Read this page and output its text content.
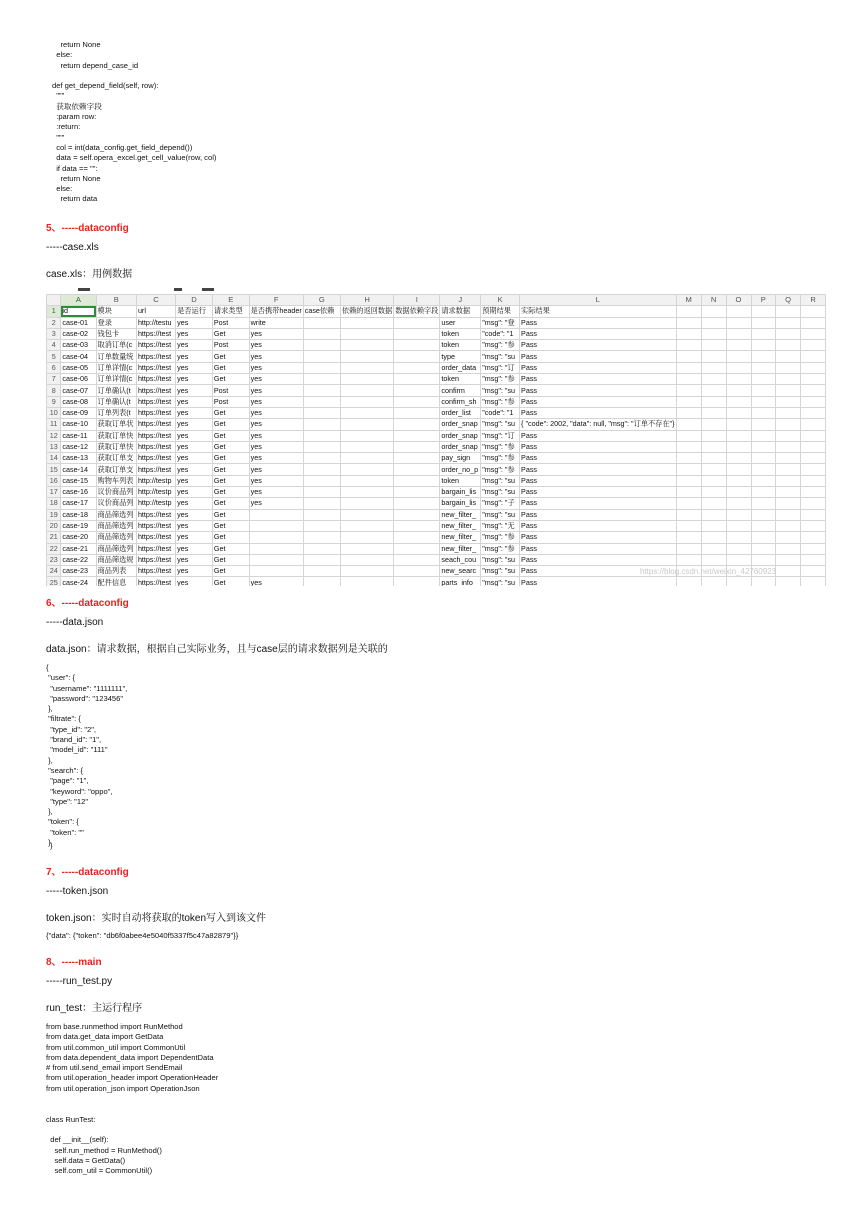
return None
else:
return depend_case_id

def get_depend_field(self, row):
"""
获取依赖字段
:param row:
:return:
"""
col = int(data_config.get_field_depend())
data = self.opera_excel.get_cell_value(row, col)
if data == "":
return None
else:
return data
5、-----dataconfig
-----case.xls
case.xls：用例数据
	A	B	C	D	E	F	G	H	I	J	K	L	M	N	O	P	Q	R
1	id	模块	url	是否运行	请求类型	是否携带header	case依赖	依赖的返回数据	数据依赖字段	请求数据	预期结果	实际结果						
2	case-01	登录	http://testu	yes	Post	write				user	"msg": "登	Pass						
3	case-02	钱包卡	https://test	yes	Get	yes				token	"code": "1	Pass						
4	case-03	取消订单(c	https://test	yes	Post	yes				token	"msg": "参	Pass						
5	case-04	订单数量统	https://test	yes	Get	yes				type	"msg": "su	Pass						
6	case-05	订单详情(c	https://test	yes	Get	yes				order_data	"msg": "订	Pass						
7	case-06	订单详情(c	https://test	yes	Get	yes				token	"msg": "参	Pass						
8	case-07	订单确认(t	https://test	yes	Post	yes				confirm	"msg": "su	Pass						
9	case-08	订单确认(t	https://test	yes	Post	yes				confirm_sh	"msg": "参	Pass						
10	case-09	订单列表(t	https://test	yes	Get	yes				order_list	"code": "1	Pass						
11	case-10	获取订单状	https://test	yes	Get	yes				order_snap	"msg": "su	{ "code": 2002, "data": null, "msg": "订单不存在"}						
12	case-11	获取订单快	https://test	yes	Get	yes				order_snap	"msg": "订	Pass						
13	case-12	获取订单快	https://test	yes	Get	yes				order_snap	"msg": "参	Pass						
14	case-13	获取订单支	https://test	yes	Get	yes				pay_sign	"msg": "参	Pass						
15	case-14	获取订单支	https://test	yes	Get	yes				order_no_p	"msg": "参	Pass						
16	case-15	购物车列表	http://testp	yes	Get	yes				token	"msg": "su	Pass						
17	case-16	议价商品列	http://testp	yes	Get	yes				bargain_lis	"msg": "su	Pass						
18	case-17	议价商品列	http://testp	yes	Get	yes				bargain_lis	"msg": "子	Pass						
19	case-18	商品筛选列	https://test	yes	Get					new_filter_	"msg": "su	Pass						
20	case-19	商品筛选列	https://test	yes	Get					new_filter_	"msg": "无	Pass						
21	case-20	商品筛选列	https://test	yes	Get					new_filter_	"msg": "参	Pass						
22	case-21	商品筛选列	https://test	yes	Get					new_filter_	"msg": "参	Pass						
23	case-22	商品筛选规	https://test	yes	Get					seach_cou	"msg": "su	Pass						
24	case-23	商品列表	https://test	yes	Get					new_searc	"msg": "su	Pass						
25	case-24	配件信息	https://test	yes	Get	yes				parts_info	"msg": "su	Pass						
https://blog.csdn.net/weixin_42760923
6、-----dataconfig
-----data.json
data.json：请求数据，根据自己实际业务，且与case层的请求数据列是关联的
{
"user": {
"username": "1111111",
"password": "123456"
},
"filtrate": {
"type_id": "2",
"brand_id": "1",
"model_id": "111"
},
"search": {
"page": "1",
"keyword": "oppo",
"type": "12"
},
"token": {
"token": ""
} }
7、-----dataconfig
-----token.json
token.json：实时自动将获取的token写入到该文件
{"data": {"token": "db6f0abee4e5040f5337f5c47a82879"}}
8、-----main
-----run_test.py
run_test：主运行程序
from base.runmethod import RunMethod
from data.get_data import GetData
from util.common_util import CommonUtil
from data.dependent_data import DependentData
# from util.send_email import SendEmail
from util.operation_header import OperationHeader
from util.operation_json import OperationJson

class RunTest:

def __init__(self):
self.run_method = RunMethod()
self.data = GetData()
self.com_util = CommonUtil()
